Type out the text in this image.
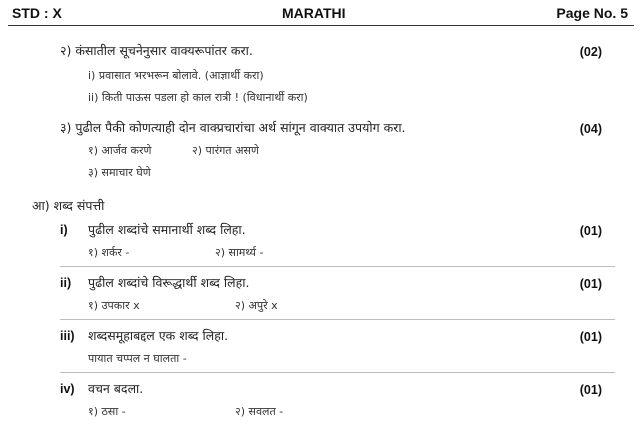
STD : X	MARATHI	Page No. 5
२) कंसातील सूचनेनुसार वाक्यरूपांतर करा.	(02)
i) प्रवासात भरभरून बोलावे. (आज्ञार्थी करा)
ii) किती पाऊस पडला हो काल रात्री ! (विधानार्थी करा)
३) पुढील पैकी कोणत्याही दोन वाक्प्रचारांचा अर्थ सांगून वाक्यात उपयोग करा.	(04)
१) आर्जव करणे	२) पारंगत असणे
३) समाचार घेणे
आ) शब्द संपत्ती
i) पुढील शब्दांचे समानार्थी शब्द लिहा.	(01)
१) शर्कर -	२) सामर्थ्य -
ii) पुढील शब्दांचे विरूद्धार्थी शब्द लिहा.	(01)
१) उपकार x	२) अपुरे x
iii) शब्दसमूहाबद्दल एक शब्द लिहा.	(01)
पायात चप्पल न घालता -
iv) वचन बदला.	(01)
१) ठसा -	२) सवलत -
